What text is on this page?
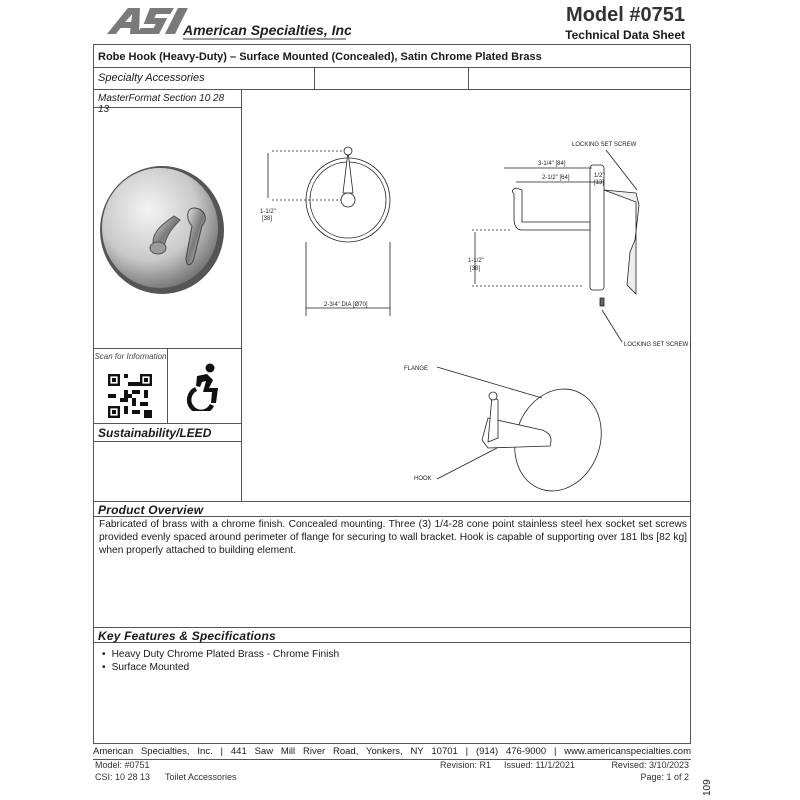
American Specialties, Inc.
Model #0751
Technical Data Sheet
Robe Hook (Heavy-Duty) – Surface Mounted (Concealed), Satin Chrome Plated Brass
Specialty Accessories
MasterFormat Section 10 28 13
Scan for Information
Sustainability/LEED
1-1/2"
[38]
2-3/4" DIA [Ø70]
LOCKING SET SCREW
3-1/4" [84]
2-1/2" [64]	1/2"
[13]
1-1/2"
[38]
LOCKING SET SCREW (3)
FLANGE
HOOK
Product Overview
Fabricated of brass with a chrome finish. Concealed mounting. Three (3) 1/4-28 cone point stainless steel hex socket set screws provided evenly spaced around perimeter of flange for securing to wall bracket. Hook is capable of supporting over 181 lbs [82 kg] when properly attached to building element.
Key Features & Specifications
• Heavy Duty Chrome Plated Brass - Chrome Finish
• Surface Mounted
American Specialties, Inc. | 441 Saw Mill River Road, Yonkers, NY 10701 | (914) 476-9000 | www.americanspecialties.com
Model: #0751	Revision: R1 Issued: 11/1/2021	Revised: 3/10/2023
CSI: 10 28 13 Toilet Accessories	Page: 1 of 2
109
